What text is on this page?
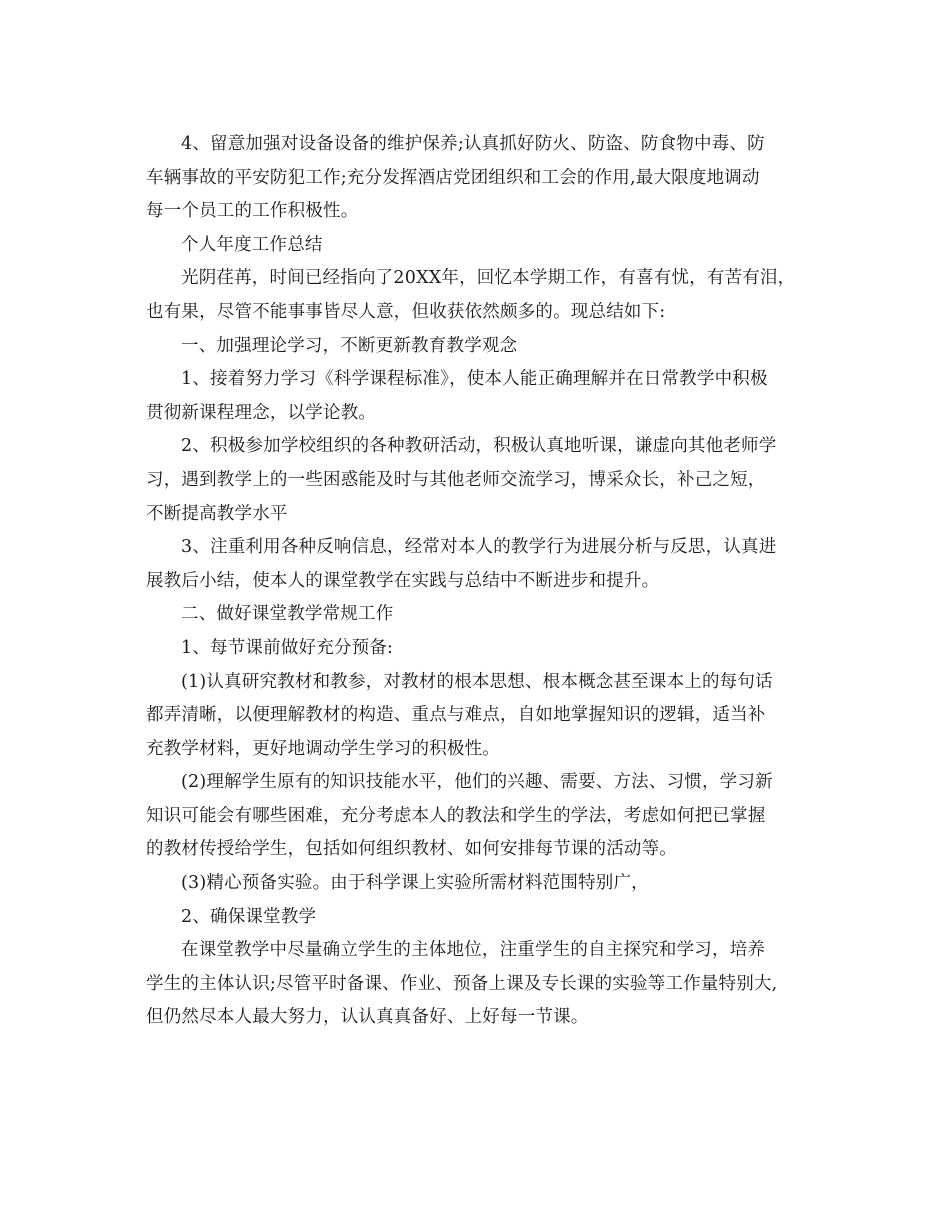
4、留意加强对设备设备的维护保养;认真抓好防火、防盗、防食物中毒、防
车辆事故的平安防犯工作;充分发挥酒店党团组织和工会的作用,最大限度地调动
每一个员工的工作积极性。
个人年度工作总结
光阴荏苒，时间已经指向了20XX年，回忆本学期工作，有喜有忧，有苦有泪，
也有果，尽管不能事事皆尽人意，但收获依然颇多的。现总结如下:
一、加强理论学习，不断更新教育教学观念
1、接着努力学习《科学课程标准》，使本人能正确理解并在日常教学中积极
贯彻新课程理念，以学论教。
2、积极参加学校组织的各种教研活动，积极认真地听课，谦虚向其他老师学
习，遇到教学上的一些困惑能及时与其他老师交流学习，博采众长，补己之短，
不断提高教学水平
3、注重利用各种反响信息，经常对本人的教学行为进展分析与反思，认真进
展教后小结，使本人的课堂教学在实践与总结中不断进步和提升。
二、做好课堂教学常规工作
1、每节课前做好充分预备:
(1)认真研究教材和教参，对教材的根本思想、根本概念甚至课本上的每句话
都弄清晰，以便理解教材的构造、重点与难点，自如地掌握知识的逻辑，适当补
充教学材料，更好地调动学生学习的积极性。
(2)理解学生原有的知识技能水平，他们的兴趣、需要、方法、习惯，学习新
知识可能会有哪些困难，充分考虑本人的教法和学生的学法，考虑如何把已掌握
的教材传授给学生，包括如何组织教材、如何安排每节课的活动等。
(3)精心预备实验。由于科学课上实验所需材料范围特别广，
2、确保课堂教学
在课堂教学中尽量确立学生的主体地位，注重学生的自主探究和学习，培养
学生的主体认识;尽管平时备课、作业、预备上课及专长课的实验等工作量特别大,
但仍然尽本人最大努力，认认真真备好、上好每一节课。
